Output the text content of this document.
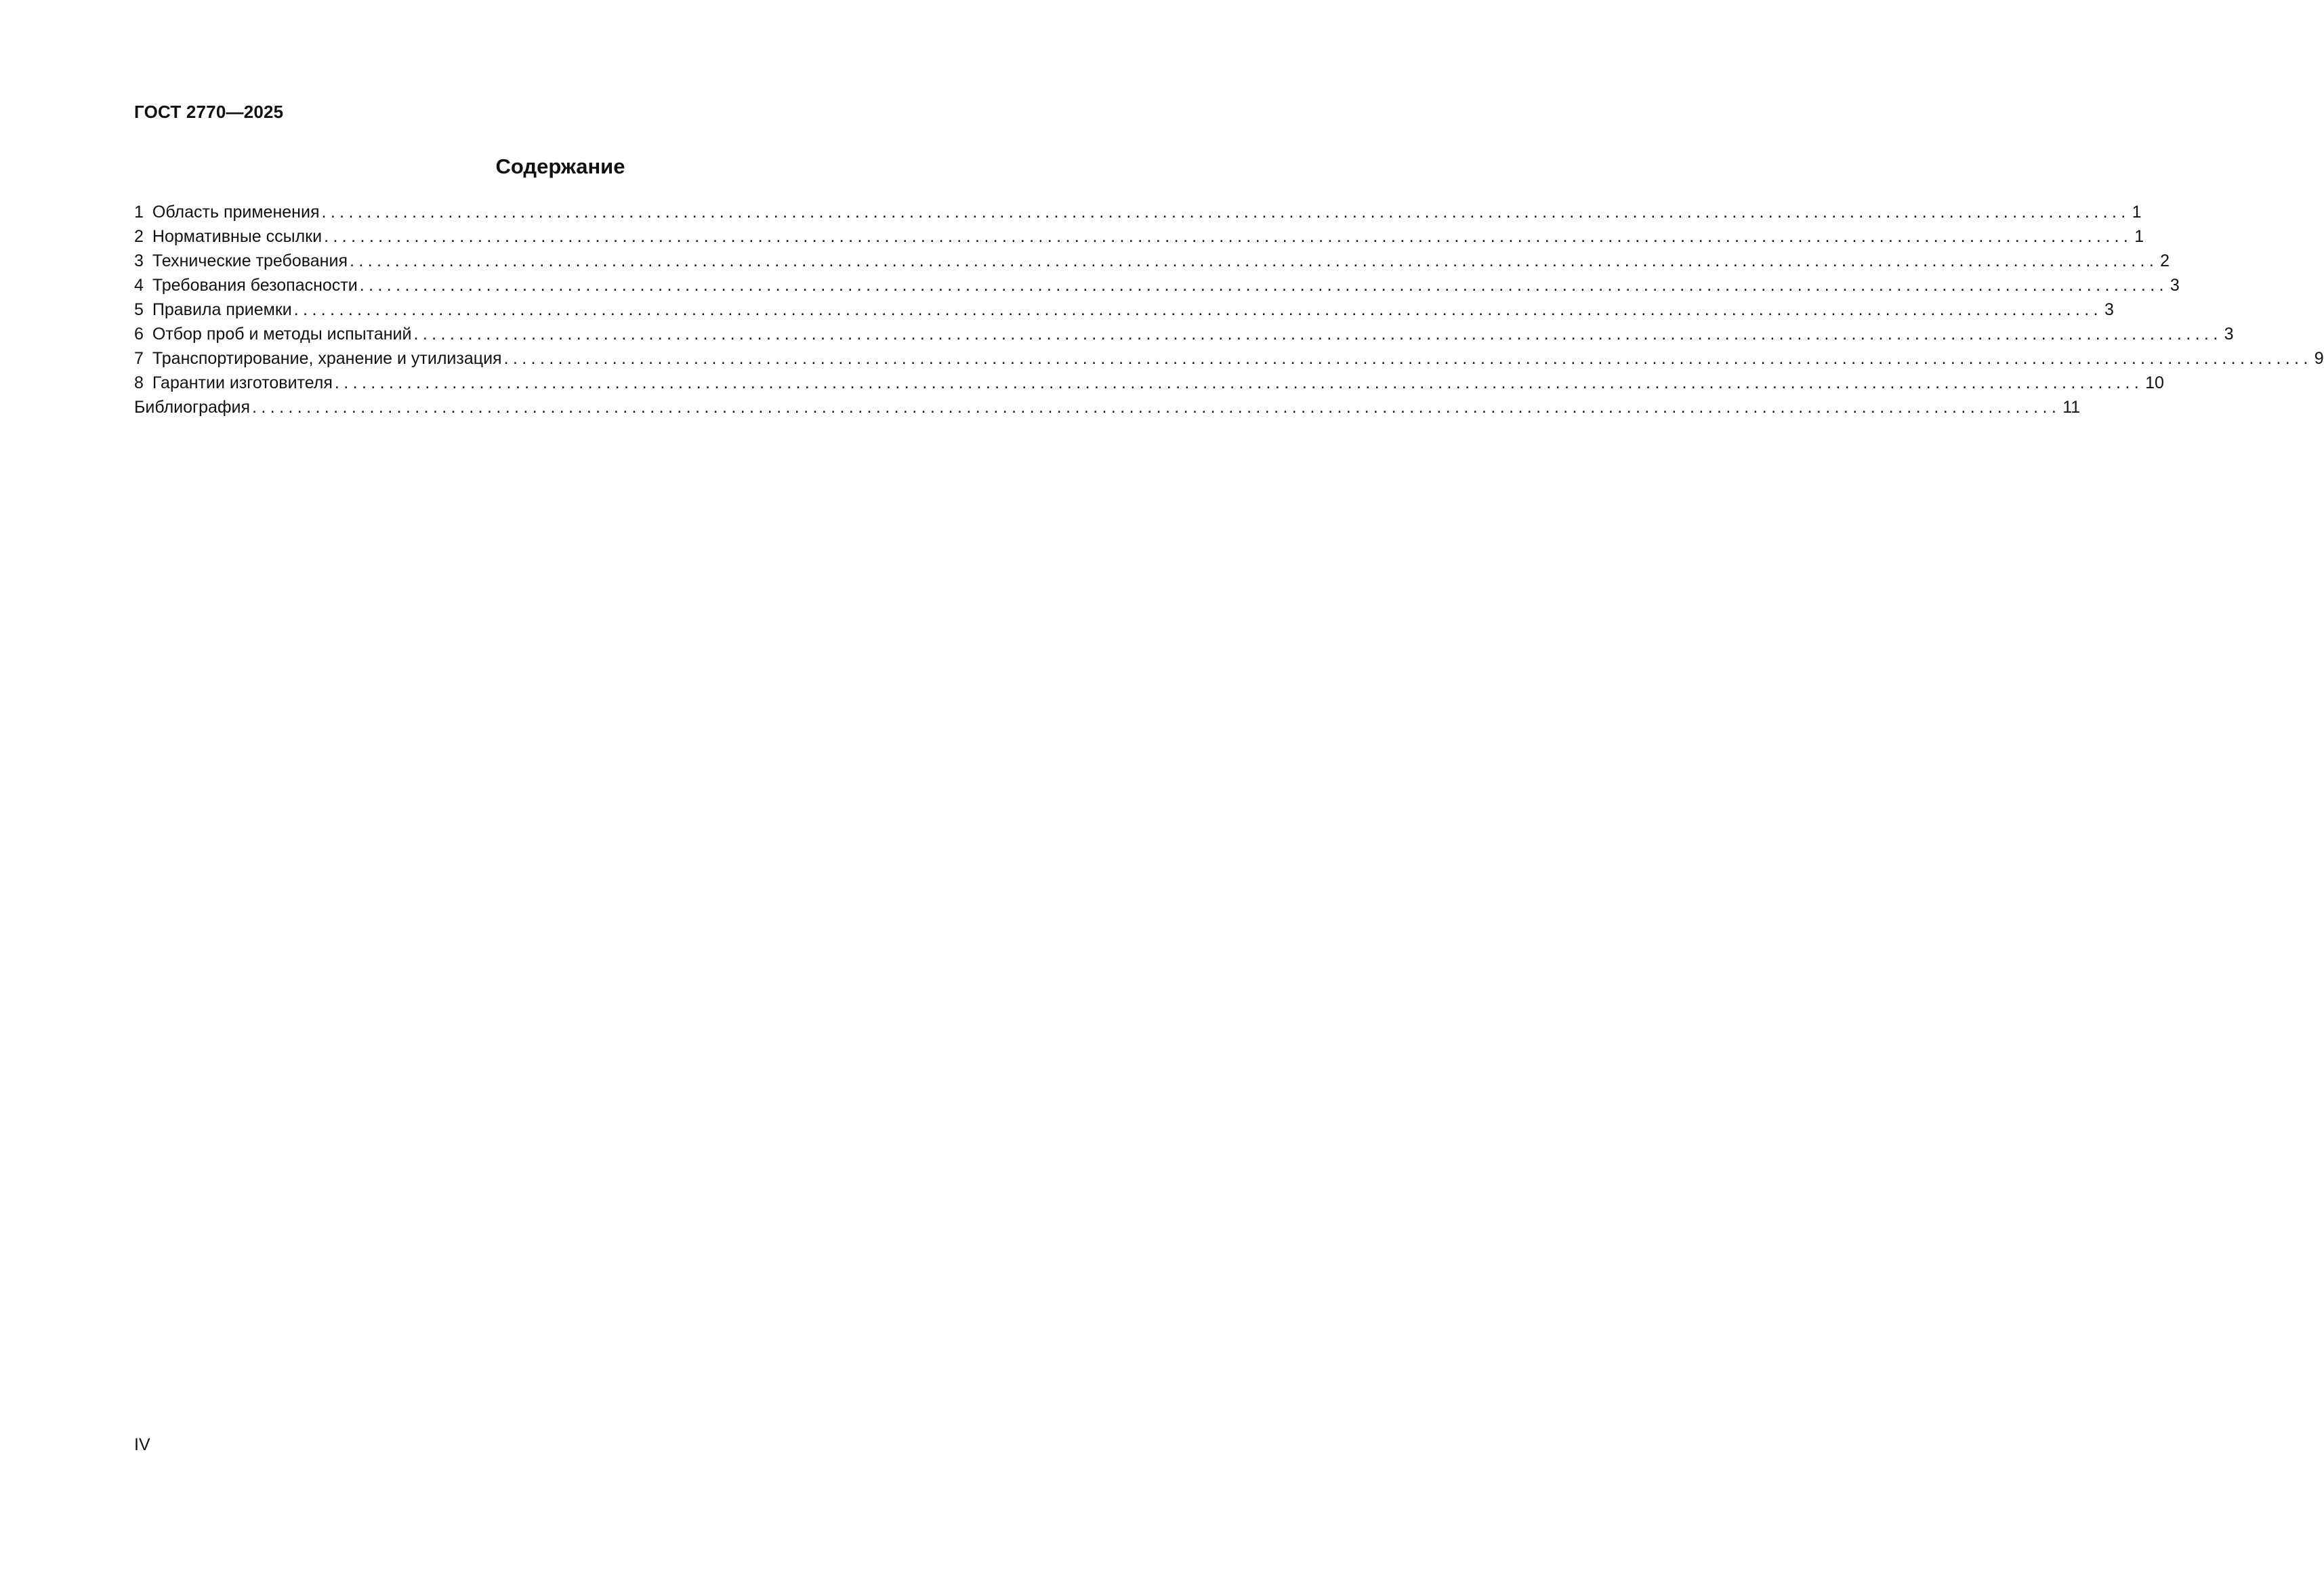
ГОСТ 2770—2025
Содержание
1 Область применения ........................................................................................................................................................................................................ 1
2 Нормативные ссылки ........................................................................................................................................................................................................ 1
3 Технические требования ........................................................................................................................................................................................................ 2
4 Требования безопасности ........................................................................................................................................................................................................ 3
5 Правила приемки ........................................................................................................................................................................................................ 3
6 Отбор проб и методы испытаний ........................................................................................................................................................................................................ 3
7 Транспортирование, хранение и утилизация ........................................................................................................................................................................................................ 9
8 Гарантии изготовителя ........................................................................................................................................................................................................ 10
Библиография ........................................................................................................................................................................................................ 11
IV
